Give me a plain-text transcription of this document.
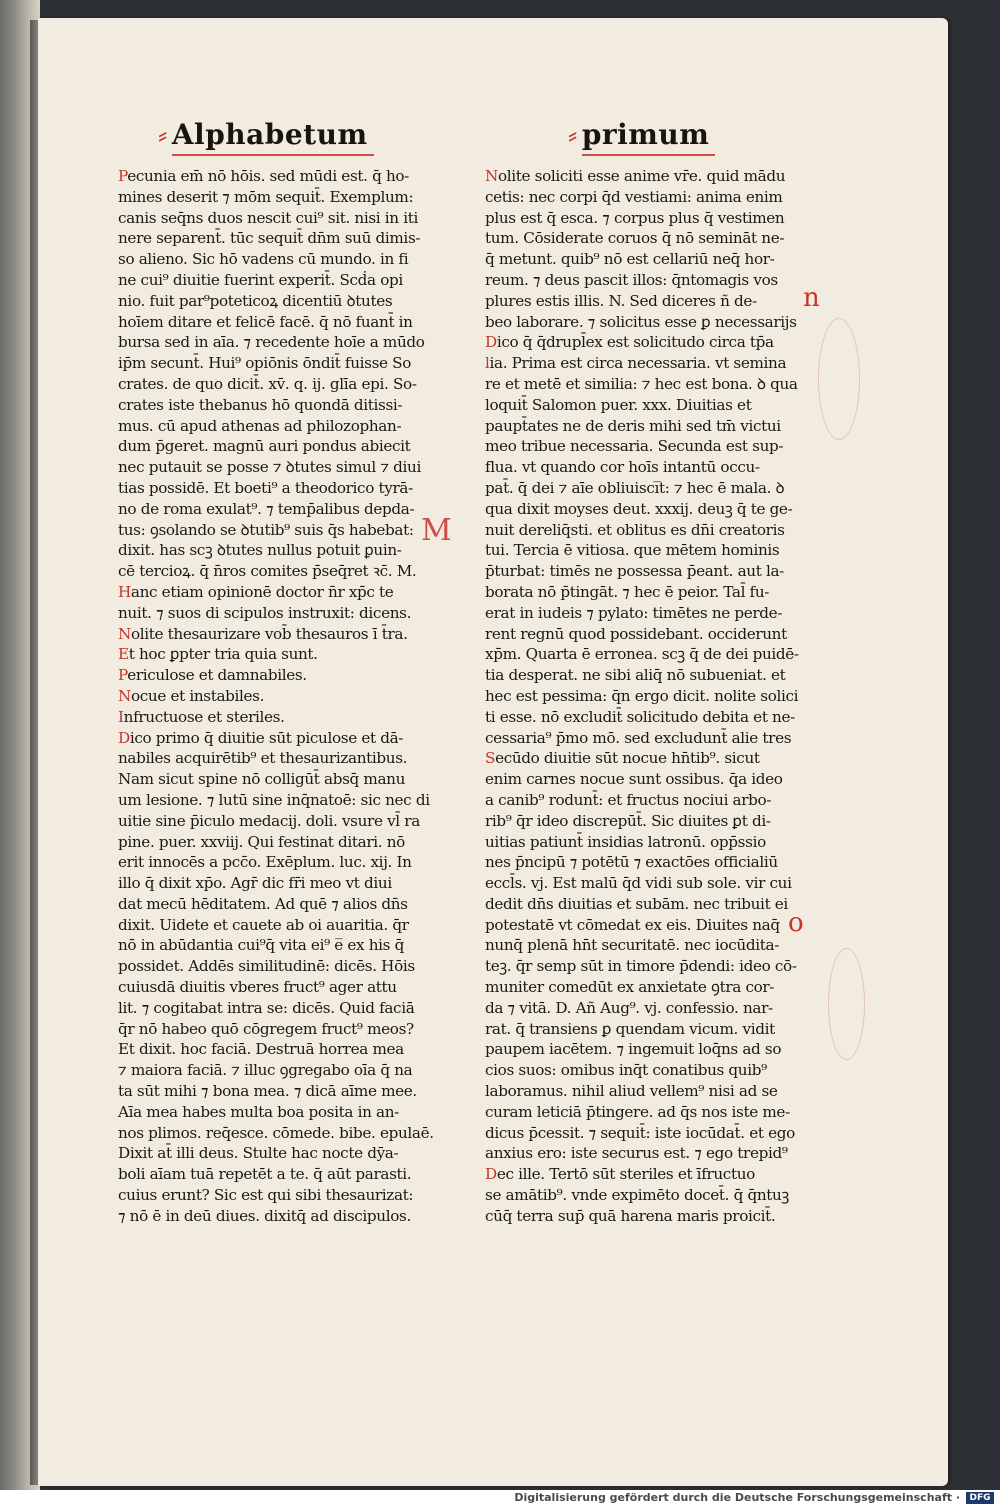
⸗ Alphabetum	⸗ primum
Pecunia em̄ nō hōis. sed mūdi est. q̄ ho-
mines deserit ⁊ mōm sequit̄. Exemplum:
canis seq̄ns duos nescit cui⁹ sit. nisi in iti
nere separent̄. tūc sequit̄ dn̄m suū dimis-
so alieno. Sic hō vadens cū mundo. in fi
ne cui⁹ diuitie fuerint experit̄. Scḋa opi
nio. fuit par⁹poteticoꝝ dicentiū ꝺtutes
hoīem ditare et felicē facē. q̄ nō fuant̄ in
bursa sed in aīa. ⁊ recedente hoīe a mūdo
ip̄m secunt̄. Hui⁹ opiōnis ōndit̄ fuisse So
crates. de quo dicit̄. xv̄. q. ij. glīa epi. So-
crates iste thebanus hō quondā ditissi-
mus. cū apud athenas ad philozophan-
dum p̄geret. magnū auri pondus abiecit
nec putauit se posse ⁊ ꝺtutes simul ⁊ diui
tias possidē. Et boeti⁹ a theodorico tyrā-
no de roma exulat⁹. ⁊ temp̄alibus depda-
tus: ꝯsolando se ꝺtutib⁹ suis q̄s habebat:
dixit. has scꝫ ꝺtutes nullus potuit ꝑuin-
cē tercioꝝ. q̄ n̄ros comites p̄seq̄ret ꝛc̄. M.
Hanc etiam opinionē doctor n̄r xp̄c te
nuit. ⁊ suos di scipulos instruxit: dicens.
Nolite thesaurizare vob̄ thesauros ī t̄ra.
Et hoc ꝑpter tria quia sunt.
Periculose et damnabiles.
Nocue et instabiles.
Infructuose et steriles.
Dico primo q̄ diuitie sūt piculose et dā-
nabiles acquirētib⁹ et thesaurizantibus.
Nam sicut spine nō colligūt̄ absq̄ manu
um lesione. ⁊ lutū sine inq̄natoē: sic nec di
uitie sine p̄iculo medacij. doli. vsure vl̄ ra
pine. puer. xxviij. Qui festinat ditari. nō
erit innocēs a pcc̄o. Exēplum. luc. xij. In
illo q̄ dixit xp̄o. Agr̄ dic fr̄i meo vt diui
dat mecū hēditatem. Ad quē ⁊ alios dn̄s
dixit. Uidete et cauete ab oi auaritia. q̄r
nō in abūdantia cui⁹q̄ vita ei⁹ e̅ ex his q̄
possidet. Addēs similitudinē: dicēs. Hōis
cuiusdā diuitis vberes fruct⁹ ager attu
lit. ⁊ cogitabat intra se: dicēs. Quid faciā
q̄r nō habeo quō cōgregem fruct⁹ meos?
Et dixit. hoc faciā. Destruā horrea mea
⁊ maiora faciā. ⁊ illuc ꝯgregabo oīa q̄ na
ta sūt mihi ⁊ bona mea. ⁊ dicā aīme mee.
Aīa mea habes multa boa posita in an-
nos plimos. req̄esce. cōmede. bibe. epulaē.
Dixit at̄ illi deus. Stulte hac nocte dȳa-
boli aīam tuā repetēt a te. q̄ aūt parasti.
cuius erunt? Sic est qui sibi thesaurizat:
⁊ nō ē in deū diues. dixitq̄ ad discipulos.
Nolite soliciti esse anime vr̄e. quid mādu
cetis: nec corpi q̄d vestiami: anima enim
plus est q̄ esca. ⁊ corpus plus q̄ vestimen
tum. Cōsiderate coruos q̄ nō semināt ne-
q̄ metunt. quib⁹ nō est cellariū neq̄ hor-
reum. ⁊ deus pascit illos: q̄ntomagis vos
plures estis illis. N. Sed diceres ñ de-
beo laborare. ⁊ solicitus esse ꝑ necessarijs
Dico q̄ q̄drupl̄ex est solicitudo circa tp̄a
lia. Prima est circa necessaria. vt semina
re et metē et similia: ⁊ hec est bona. ꝺ qua
loquit̄ Salomon puer. xxx. Diuitias et
paupt̄ates ne de deris mihi sed tm̄ victui
meo tribue necessaria. Secunda est sup-
flua. vt quando cor hoīs intantū occu-
pat̄. q̄ dei ⁊ aīe obliuisci̅t: ⁊ hec ē mala. ꝺ
qua dixit moyses deut. xxxij. deuꝫ q̄ te ge-
nuit dereliq̄sti. et oblitus es dn̄i creatoris
tui. Tercia ē vitiosa. que mētem hominis
p̄turbat: timēs ne possessa p̄eant. aut la-
borata nō p̄tingāt. ⁊ hec ē peior. Tal̄ fu-
erat in iudeis ⁊ pylato: timētes ne perde-
rent regnū quod possidebant. occiderunt
xp̄m. Quarta ē erronea. scꝫ q̄ de dei puidē-
tia desperat. ne sibi aliq̄ nō subueniat. et
hec est pessima: q̄n ergo dicit. nolite solici
ti esse. nō excludit̄ solicitudo debita et ne-
cessaria⁹ p̄mo mō. sed excludunt̄ alie tres
Secūdo diuitie sūt nocue hn̄tib⁹. sicut
enim carnes nocue sunt ossibus. q̄a ideo
a canib⁹ rodunt̄: et fructus nociui arbo-
rib⁹ q̄r ideo discrepūt̄. Sic diuites ꝑt di-
uitias patiunt̄ insidias latronū. opp̄ssio
nes p̄ncipū ⁊ potētū ⁊ exactōes officialiū
eccl̄s. vj. Est malū q̄d vidi sub sole. vir cui
dedit dn̄s diuitias et subām. nec tribuit ei
potestatē vt cōmedat ex eis. Diuites naq̄
nunq̄ plenā hn̄t securitatē. nec iocūdita-
teꝫ. q̄r semp sūt in timore p̄dendi: ideo cō-
muniter comedūt ex anxietate ꝯtra cor-
da ⁊ vitā. D. Añ Aug⁹. vj. confessio. nar-
rat. q̄ transiens ꝑ quendam vicum. vidit
paupem iacētem. ⁊ ingemuit loq̄ns ad so
cios suos: omibus inq̄t conatibus quib⁹
laboramus. nihil aliud vellem⁹ nisi ad se
curam leticiā p̄tingere. ad q̄s nos iste me-
dicus p̄cessit. ⁊ sequit̄: iste iocūdat̄. et ego
anxius ero: iste securus est. ⁊ ego trepid⁹
Dec ille. Tertō sūt steriles et īfructuo
se amātib⁹. vnde expimēto docet̄. q̄ q̄ntuꝫ
cūq̄ terra sup̄ quā harena maris proicit̄.
n
o
M
Digitalisierung gefördert durch die Deutsche Forschungsgemeinschaft ·	DFG
